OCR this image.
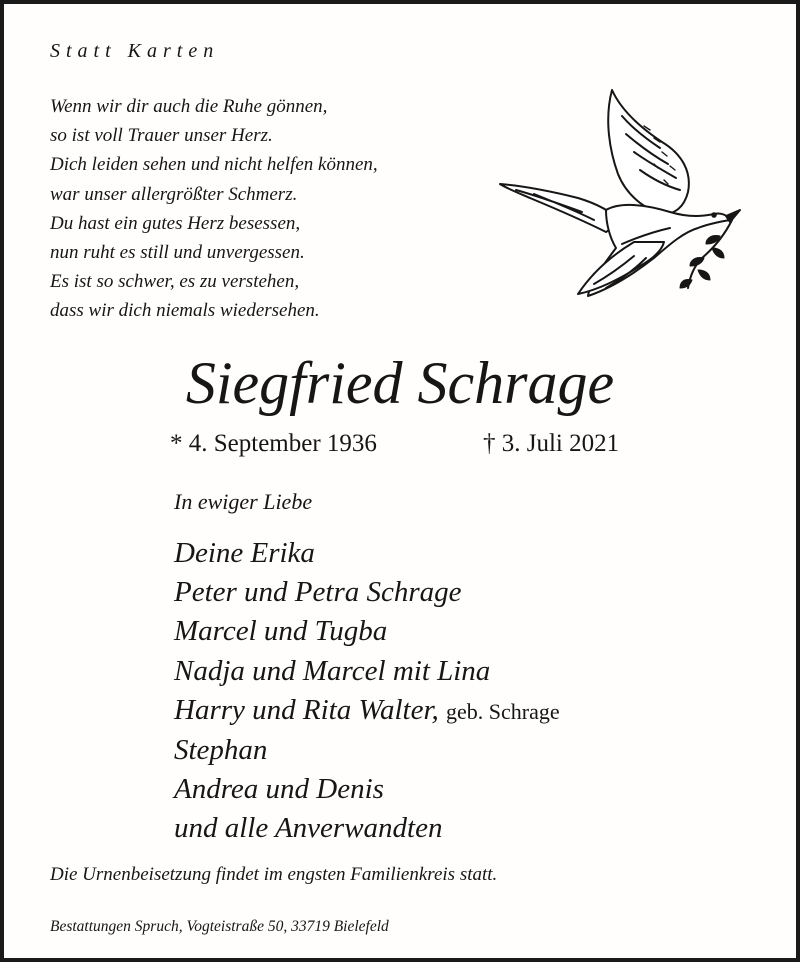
Statt Karten
Wenn wir dir auch die Ruhe gönnen,
so ist voll Trauer unser Herz.
Dich leiden sehen und nicht helfen können,
war unser allergrößter Schmerz.
Du hast ein gutes Herz besessen,
nun ruht es still und unvergessen.
Es ist so schwer, es zu verstehen,
dass wir dich niemals wiedersehen.
Siegfried Schrage
* 4. September 1936	† 3. Juli 2021
In ewiger Liebe
Deine Erika
Peter und Petra Schrage
Marcel und Tugba
Nadja und Marcel mit Lina
Harry und Rita Walter, geb. Schrage
Stephan
Andrea und Denis
und alle Anverwandten
Die Urnenbeisetzung findet im engsten Familienkreis statt.
Bestattungen Spruch, Vogteistraße 50, 33719 Bielefeld
